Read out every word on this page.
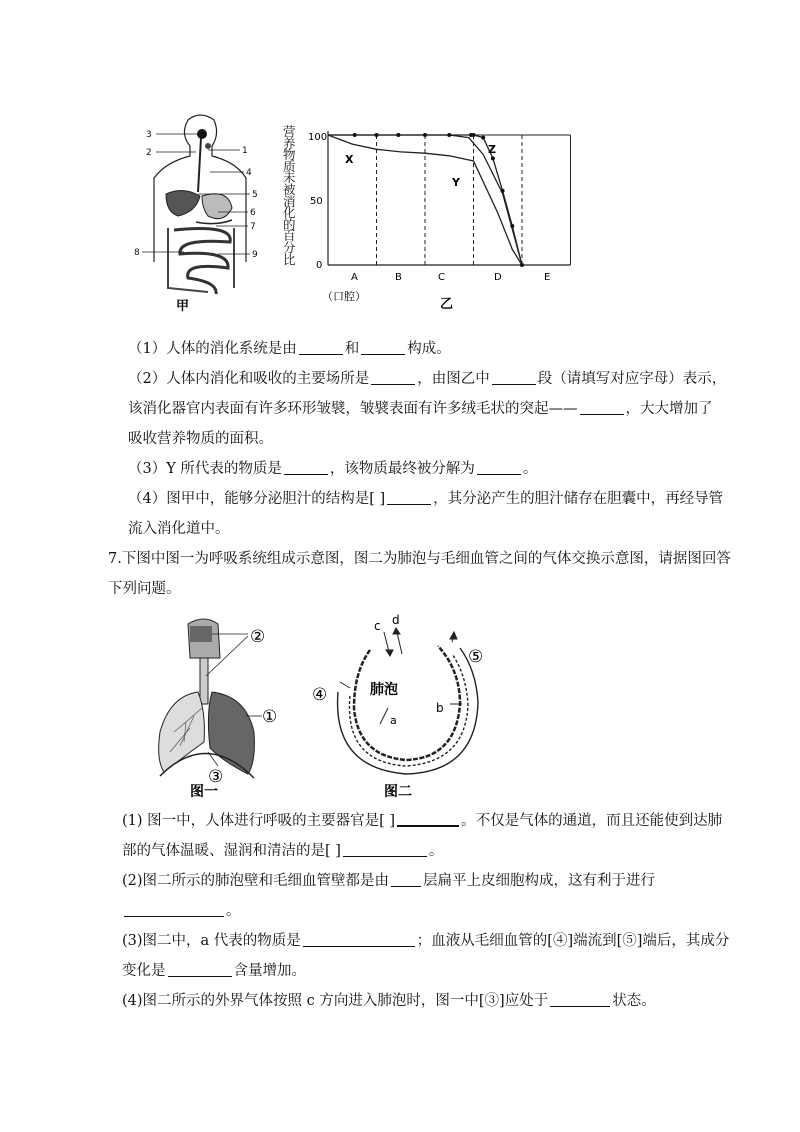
3
2	1
4
5
6
7
8	9
甲
营养物质未被消化的百分比
100
50
0
A	B	C	D	E
（口腔）
X
Y
Z
乙
（1）人体的消化系统是由	和	构成。
（2）人体内消化和吸收的主要场所是	，由图乙中	段（请填写对应字母）表示，
该消化器官内表面有许多环形皱襞，皱襞表面有许多绒毛状的突起——	，大大增加了
吸收营养物质的面积。
（3）Y 所代表的物质是	，该物质最终被分解为	。
（4）图甲中，能够分泌胆汁的结构是[ ]	，其分泌产生的胆汁储存在胆囊中，再经导管
流入消化道中。
7.下图中图一为呼吸系统组成示意图，图二为肺泡与毛细血管之间的气体交换示意图，请据图回答
下列问题。
②
①
③
图一
c d
④
⑤
a
b
肺泡
图二
(1) 图一中，人体进行呼吸的主要器官是[ ]	。不仅是气体的通道，而且还能使到达肺
部的气体温暖、湿润和清洁的是[ ]	。
(2)图二所示的肺泡壁和毛细血管壁都是由 层扁平上皮细胞构成，这有利于进行
。
(3)图二中，a 代表的物质是	；血液从毛细血管的[④]端流到[⑤]端后，其成分
变化是	含量增加。
(4)图二所示的外界气体按照 c 方向进入肺泡时，图一中[③]应处于	状态。
